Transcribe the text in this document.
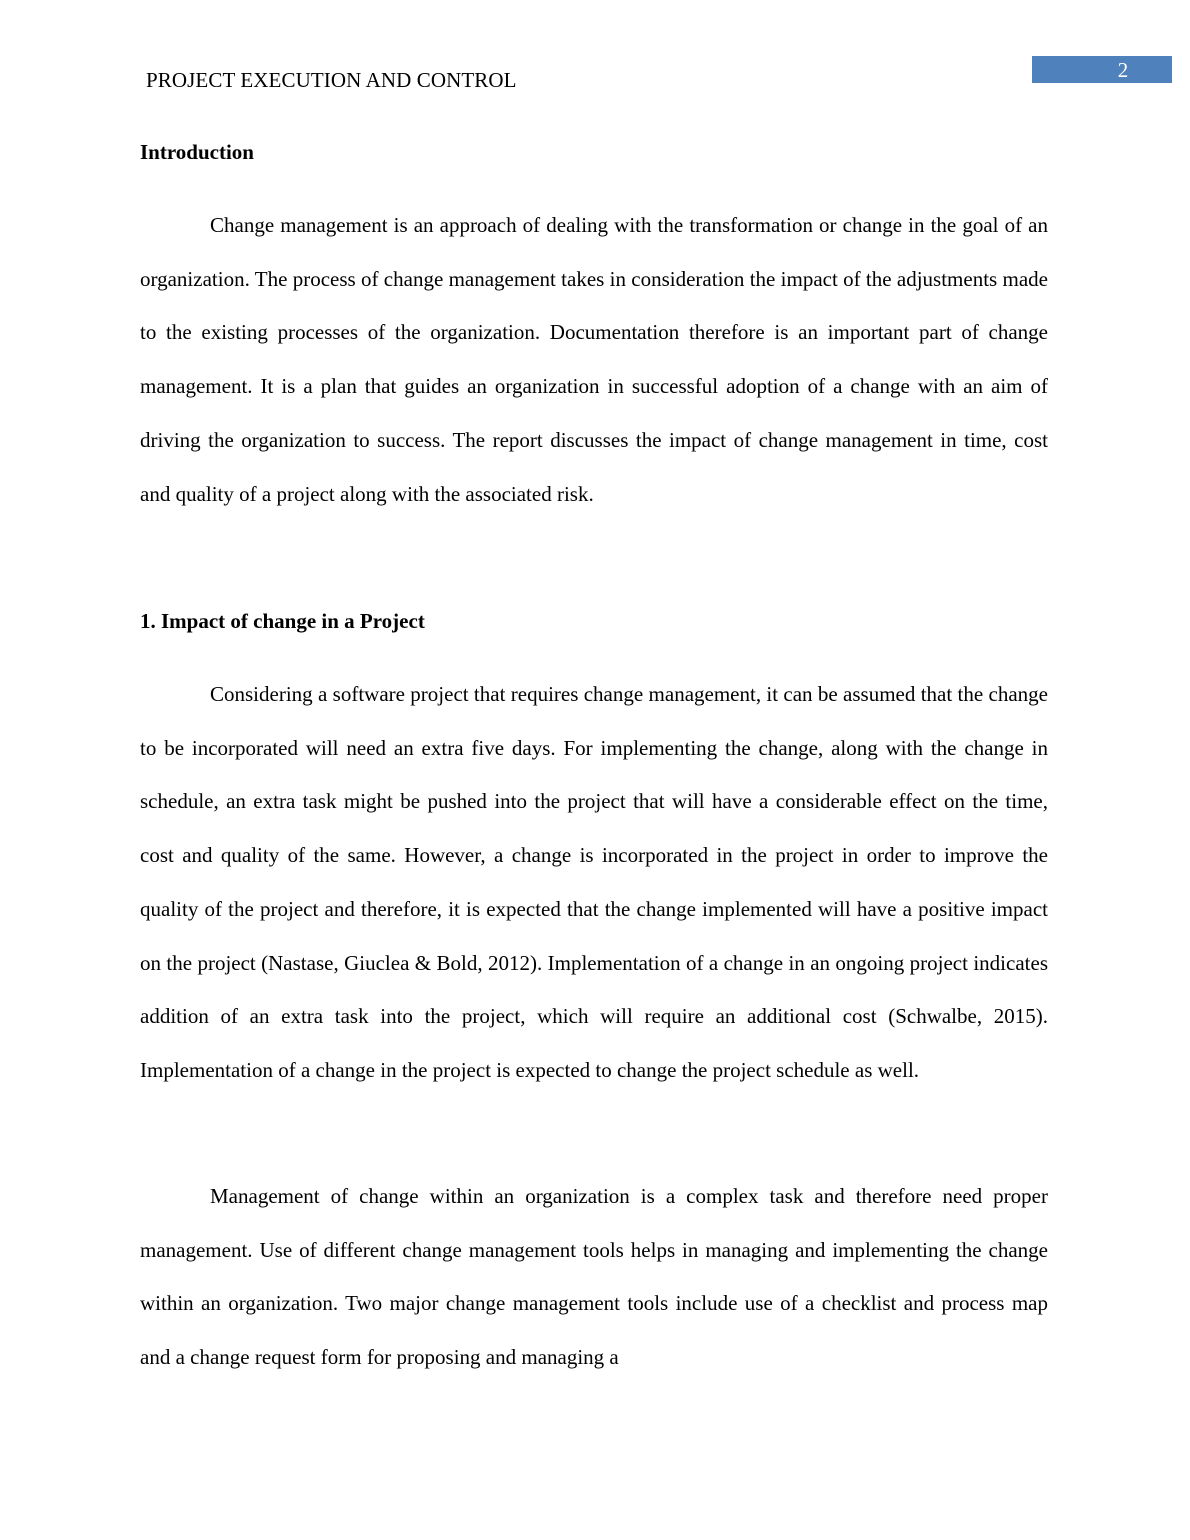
PROJECT EXECUTION AND CONTROL	2
Introduction

Change management is an approach of dealing with the transformation or change in the goal of an organization. The process of change management takes in consideration the impact of the adjustments made to the existing processes of the organization. Documentation therefore is an important part of change management. It is a plan that guides an organization in successful adoption of a change with an aim of driving the organization to success. The report discusses the impact of change management in time, cost and quality of a project along with the associated risk.

1. Impact of change in a Project

Considering a software project that requires change management, it can be assumed that the change to be incorporated will need an extra five days. For implementing the change, along with the change in schedule, an extra task might be pushed into the project that will have a considerable effect on the time, cost and quality of the same. However, a change is incorporated in the project in order to improve the quality of the project and therefore, it is expected that the change implemented will have a positive impact on the project (Nastase, Giuclea & Bold, 2012). Implementation of a change in an ongoing project indicates addition of an extra task into the project, which will require an additional cost (Schwalbe, 2015). Implementation of a change in the project is expected to change the project schedule as well.

Management of change within an organization is a complex task and therefore need proper management. Use of different change management tools helps in managing and implementing the change within an organization. Two major change management tools include use of a checklist and process map and a change request form for proposing and managing a
